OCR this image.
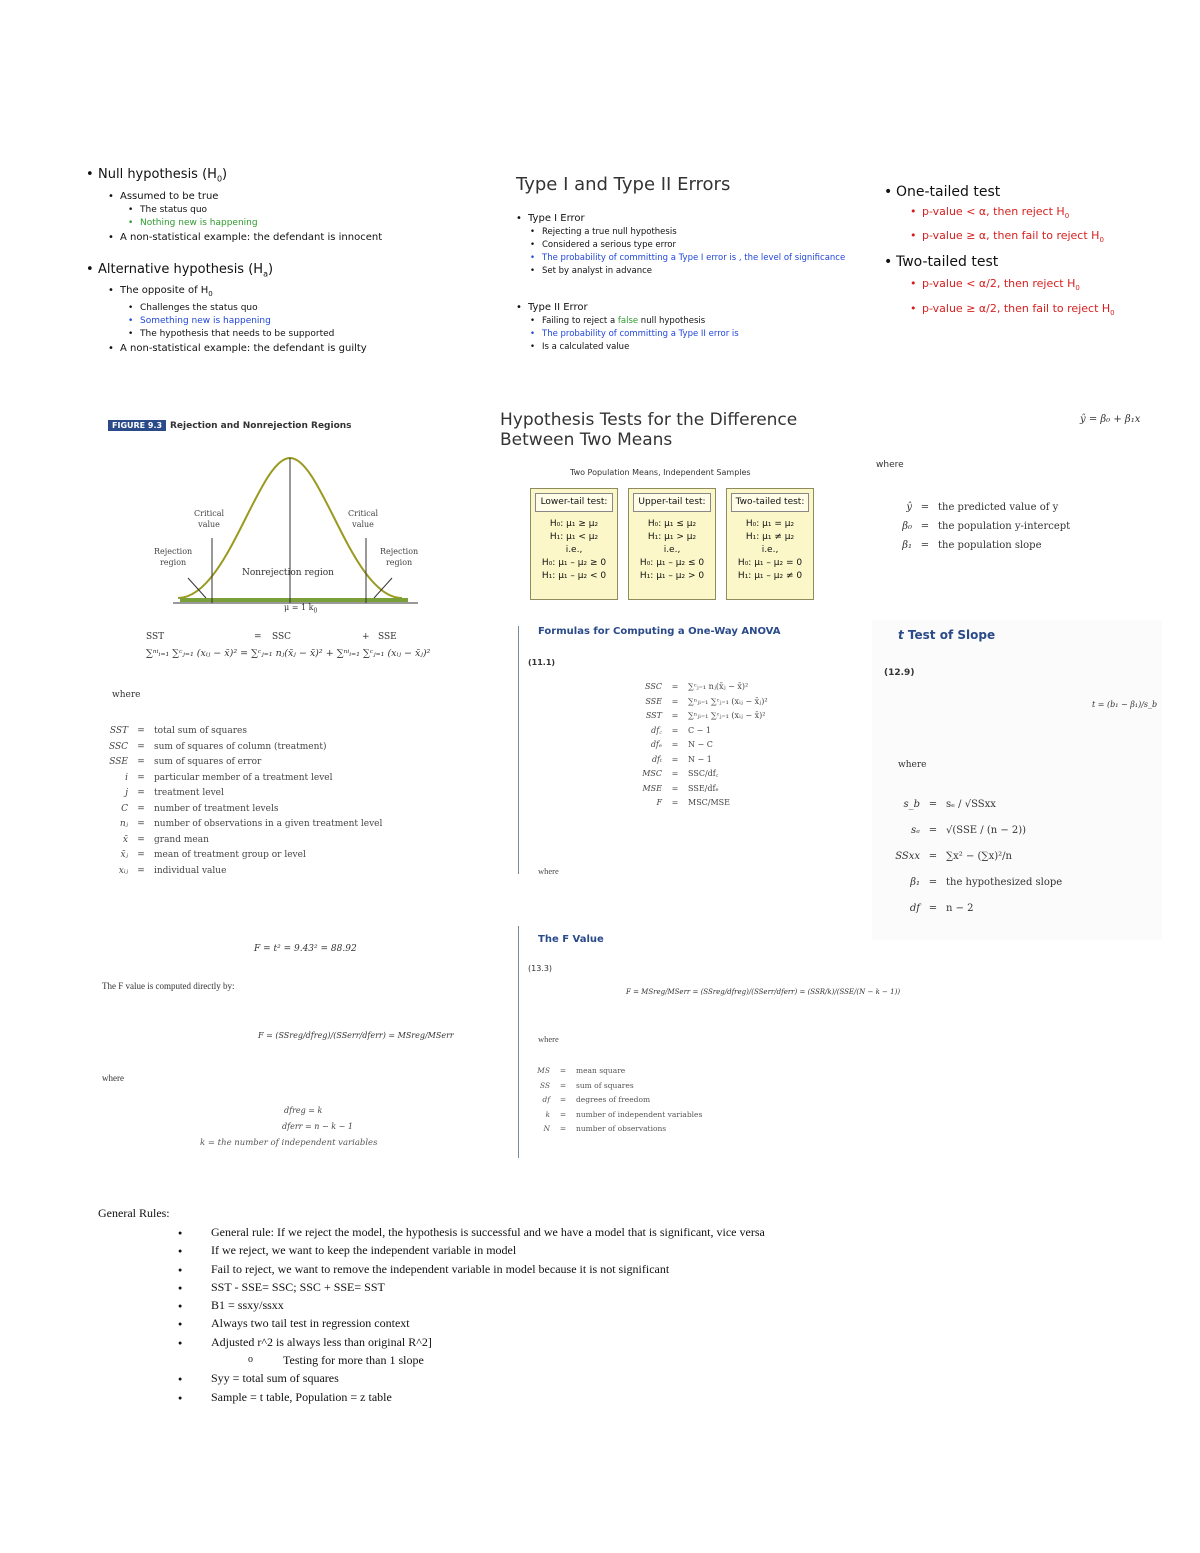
Null hypothesis $(H_0)$
Assumed to be true
The status quo
Nothing new is happening
A non-statistical example: the defendant is innocent
Alternative hypothesis $(H_a)$
The opposite of $H_0$
Challenges the status quo
Something new is happening
The hypothesis that needs to be supported
A non-statistical example: the defendant is guilty
Type I and Type II Errors
Type I Error
Rejecting a true null hypothesis
Considered a serious type error
The probability of committing a Type I error is , the level of significance
Set by analyst in advance
Type II Error
Failing to reject a false null hypothesis
The probability of committing a Type II error is
Is a calculated value
One-tailed test
p-value < α, then reject $H_0$
p-value ≥ α, then fail to reject $H_0$
Two-tailed test
p-value < α/2, then reject $H_0$
p-value ≥ α/2, then fail to reject $H_0$
FIGURE 9.3 Rejection and Nonrejection Regions
Critical
value
Critical
value
Rejection
region
Rejection
region
Nonrejection region
μ = 1 $k_0$
SST	= SSC	+ SSE
∑ⁿⁱᵢ₌₁ ∑ᶜⱼ₌₁ (xᵢⱼ − x̄)² = ∑ᶜⱼ₌₁ nⱼ(x̄ⱼ − x̄)² + ∑ⁿⁱᵢ₌₁ ∑ᶜⱼ₌₁ (xᵢⱼ − x̄ⱼ)²
where
SST	=	total sum of squares
SSC	=	sum of squares of column (treatment)
SSE	=	sum of squares of error
i	=	particular member of a treatment level
j	=	treatment level
C	=	number of treatment levels
nⱼ	=	number of observations in a given treatment level
x̄	=	grand mean
x̄ⱼ	=	mean of treatment group or level
xᵢⱼ	=	individual value
F = t² = 9.43² = 88.92
The F value is computed directly by:
F = (SSreg/dfreg)/(SSerr/dferr) = MSreg/MSerr
where
dfreg = k
dferr = n − k − 1
k = the number of independent variables
Hypothesis Tests for the Difference
Between Two Means
Two Population Means, Independent Samples
Lower-tail test:
H₀: μ₁ ≥ μ₂
H₁: μ₁ < μ₂
i.e.,
H₀: μ₁ – μ₂ ≥ 0
H₁: μ₁ – μ₂ < 0
Upper-tail test:
H₀: μ₁ ≤ μ₂
H₁: μ₁ > μ₂
i.e.,
H₀: μ₁ – μ₂ ≤ 0
H₁: μ₁ – μ₂ > 0
Two-tailed test:
H₀: μ₁ = μ₂
H₁: μ₁ ≠ μ₂
i.e.,
H₀: μ₁ – μ₂ = 0
H₁: μ₁ – μ₂ ≠ 0
Formulas for Computing a One-Way ANOVA
(11.1)
SSC	=	∑ᶜⱼ₌₁ nⱼ(x̄ⱼ − x̄)²
SSE	=	∑ⁿⱼᵢ₌₁ ∑ᶜⱼ₌₁ (xᵢⱼ − x̄ⱼ)²
SST	=	∑ⁿⱼᵢ₌₁ ∑ᶜⱼ₌₁ (xᵢⱼ − x̄)²
df꜀	=	C − 1
dfₑ	=	N − C
dfₜ	=	N − 1
MSC	=	SSC/df꜀
MSE	=	SSE/dfₑ
F	=	MSC/MSE
where
The F Value
(13.3)
F = MSreg/MSerr = (SSreg/dfreg)/(SSerr/dferr) = (SSR/k)/(SSE/(N − k − 1))
where
MS	=	mean square
SS	=	sum of squares
df	=	degrees of freedom
k	=	number of independent variables
N	=	number of observations
ŷ = β₀ + β₁x
where
ŷ = the predicted value of y
β₀ = the population y-intercept
β₁ = the population slope
t Test of Slope
(12.9)
t = (b₁ − β₁)/s_b
where
s_b = sₑ / √SSxx
sₑ = √(SSE / (n − 2))
SSxx = ∑x² − (∑x)²/n
β₁ = the hypothesized slope
df = n − 2
General Rules:
● General rule: If we reject the model, the hypothesis is successful and we have a model that is significant, vice versa
● If we reject, we want to keep the independent variable in model
● Fail to reject, we want to remove the independent variable in model because it is not significant
● SST - SSE= SSC; SSC + SSE= SST
● B1 = ssxy/ssxx
● Always two tail test in regression context
● Adjusted r^2 is always less than original R^2]
o Testing for more than 1 slope
● Syy = total sum of squares
● Sample = t table, Population = z table
